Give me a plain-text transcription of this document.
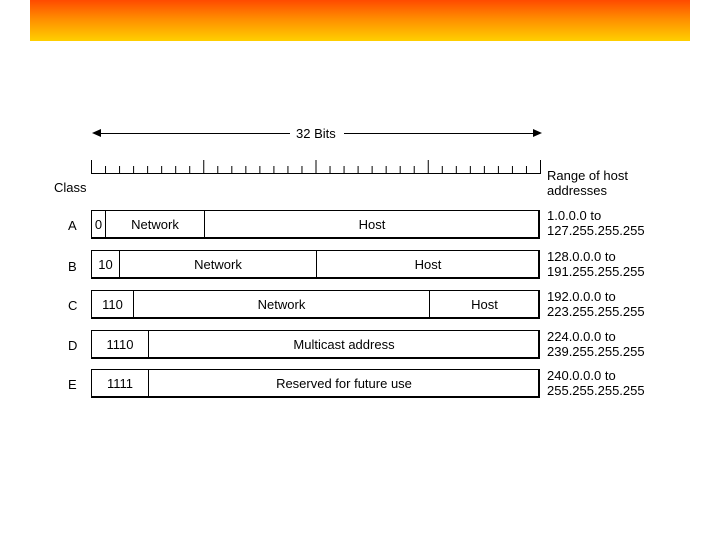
32 Bits
Class
Range of host
addresses
A 0	Network	Host
1.0.0.0 to
127.255.255.255
B	10	Network	Host	128.0.0.0 to
191.255.255.255
C	110	Network	Host	192.0.0.0 to
223.255.255.255
D	1110	Multicast address	224.0.0.0 to
239.255.255.255
E	1111	Reserved for future use	240.0.0.0 to
255.255.255.255
